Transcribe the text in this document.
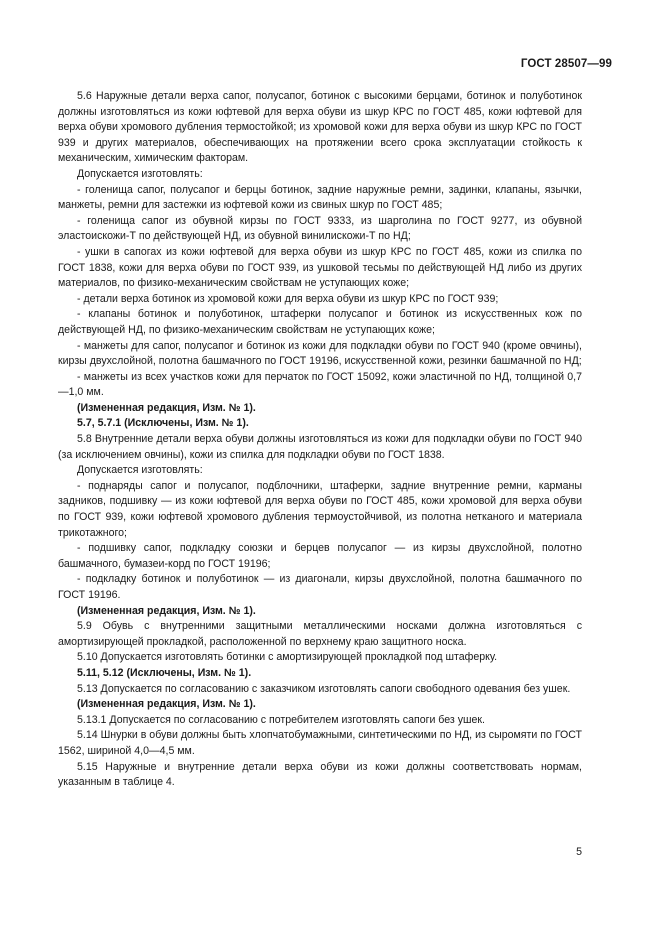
ГОСТ 28507—99

5.6 Наружные детали верха сапог, полусапог, ботинок с высокими берцами, ботинок и полуботинок должны изготовляться из кожи юфтевой для верха обуви из шкур КРС по ГОСТ 485, кожи юфтевой для верха обуви хромового дубления термостойкой; из хромовой кожи для верха обуви из шкур КРС по ГОСТ 939 и других материалов, обеспечивающих на протяжении всего срока эксплуатации стойкость к механическим, химическим факторам.

Допускается изготовлять:

- голенища сапог, полусапог и берцы ботинок, задние наружные ремни, задинки, клапаны, язычки, манжеты, ремни для застежки из юфтевой кожи из свиных шкур по ГОСТ 485;

- голенища сапог из обувной кирзы по ГОСТ 9333, из шарголина по ГОСТ 9277, из обувной эластоискожи-Т по действующей НД, из обувной винилискожи-Т по НД;

- ушки в сапогах из кожи юфтевой для верха обуви из шкур КРС по ГОСТ 485, кожи из спилка по ГОСТ 1838, кожи для верха обуви по ГОСТ 939, из ушковой тесьмы по действующей НД либо из других материалов, по физико-механическим свойствам не уступающих коже;

- детали верха ботинок из хромовой кожи для верха обуви из шкур КРС по ГОСТ 939;

- клапаны ботинок и полуботинок, штаферки полусапог и ботинок из искусственных кож по действующей НД, по физико-механическим свойствам не уступающих коже;

- манжеты для сапог, полусапог и ботинок из кожи для подкладки обуви по ГОСТ 940 (кроме овчины), кирзы двухслойной, полотна башмачного по ГОСТ 19196, искусственной кожи, резинки башмачной по НД;

- манжеты из всех участков кожи для перчаток по ГОСТ 15092, кожи эластичной по НД, толщиной 0,7—1,0 мм.

(Измененная редакция, Изм. № 1).

5.7, 5.7.1 (Исключены, Изм. № 1).

5.8 Внутренние детали верха обуви должны изготовляться из кожи для подкладки обуви по ГОСТ 940 (за исключением овчины), кожи из спилка для подкладки обуви по ГОСТ 1838.

Допускается изготовлять:

- поднаряды сапог и полусапог, подблочники, штаферки, задние внутренние ремни, карманы задников, подшивку — из кожи юфтевой для верха обуви по ГОСТ 485, кожи хромовой для верха обуви по ГОСТ 939, кожи юфтевой хромового дубления термоустойчивой, из полотна нетканого и материала трикотажного;

- подшивку сапог, подкладку союзки и берцев полусапог — из кирзы двухслойной, полотно башмачного, бумазеи-корд по ГОСТ 19196;

- подкладку ботинок и полуботинок — из диагонали, кирзы двухслойной, полотна башмачного по ГОСТ 19196.

(Измененная редакция, Изм. № 1).

5.9 Обувь с внутренними защитными металлическими носками должна изготовляться с амортизирующей прокладкой, расположенной по верхнему краю защитного носка.

5.10 Допускается изготовлять ботинки с амортизирующей прокладкой под штаферку.

5.11, 5.12 (Исключены, Изм. № 1).

5.13 Допускается по согласованию с заказчиком изготовлять сапоги свободного одевания без ушек.

(Измененная редакция, Изм. № 1).

5.13.1 Допускается по согласованию с потребителем изготовлять сапоги без ушек.

5.14 Шнурки в обуви должны быть хлопчатобумажными, синтетическими по НД, из сыромяти по ГОСТ 1562, шириной 4,0—4,5 мм.

5.15 Наружные и внутренние детали верха обуви из кожи должны соответствовать нормам, указанным в таблице 4.

5
